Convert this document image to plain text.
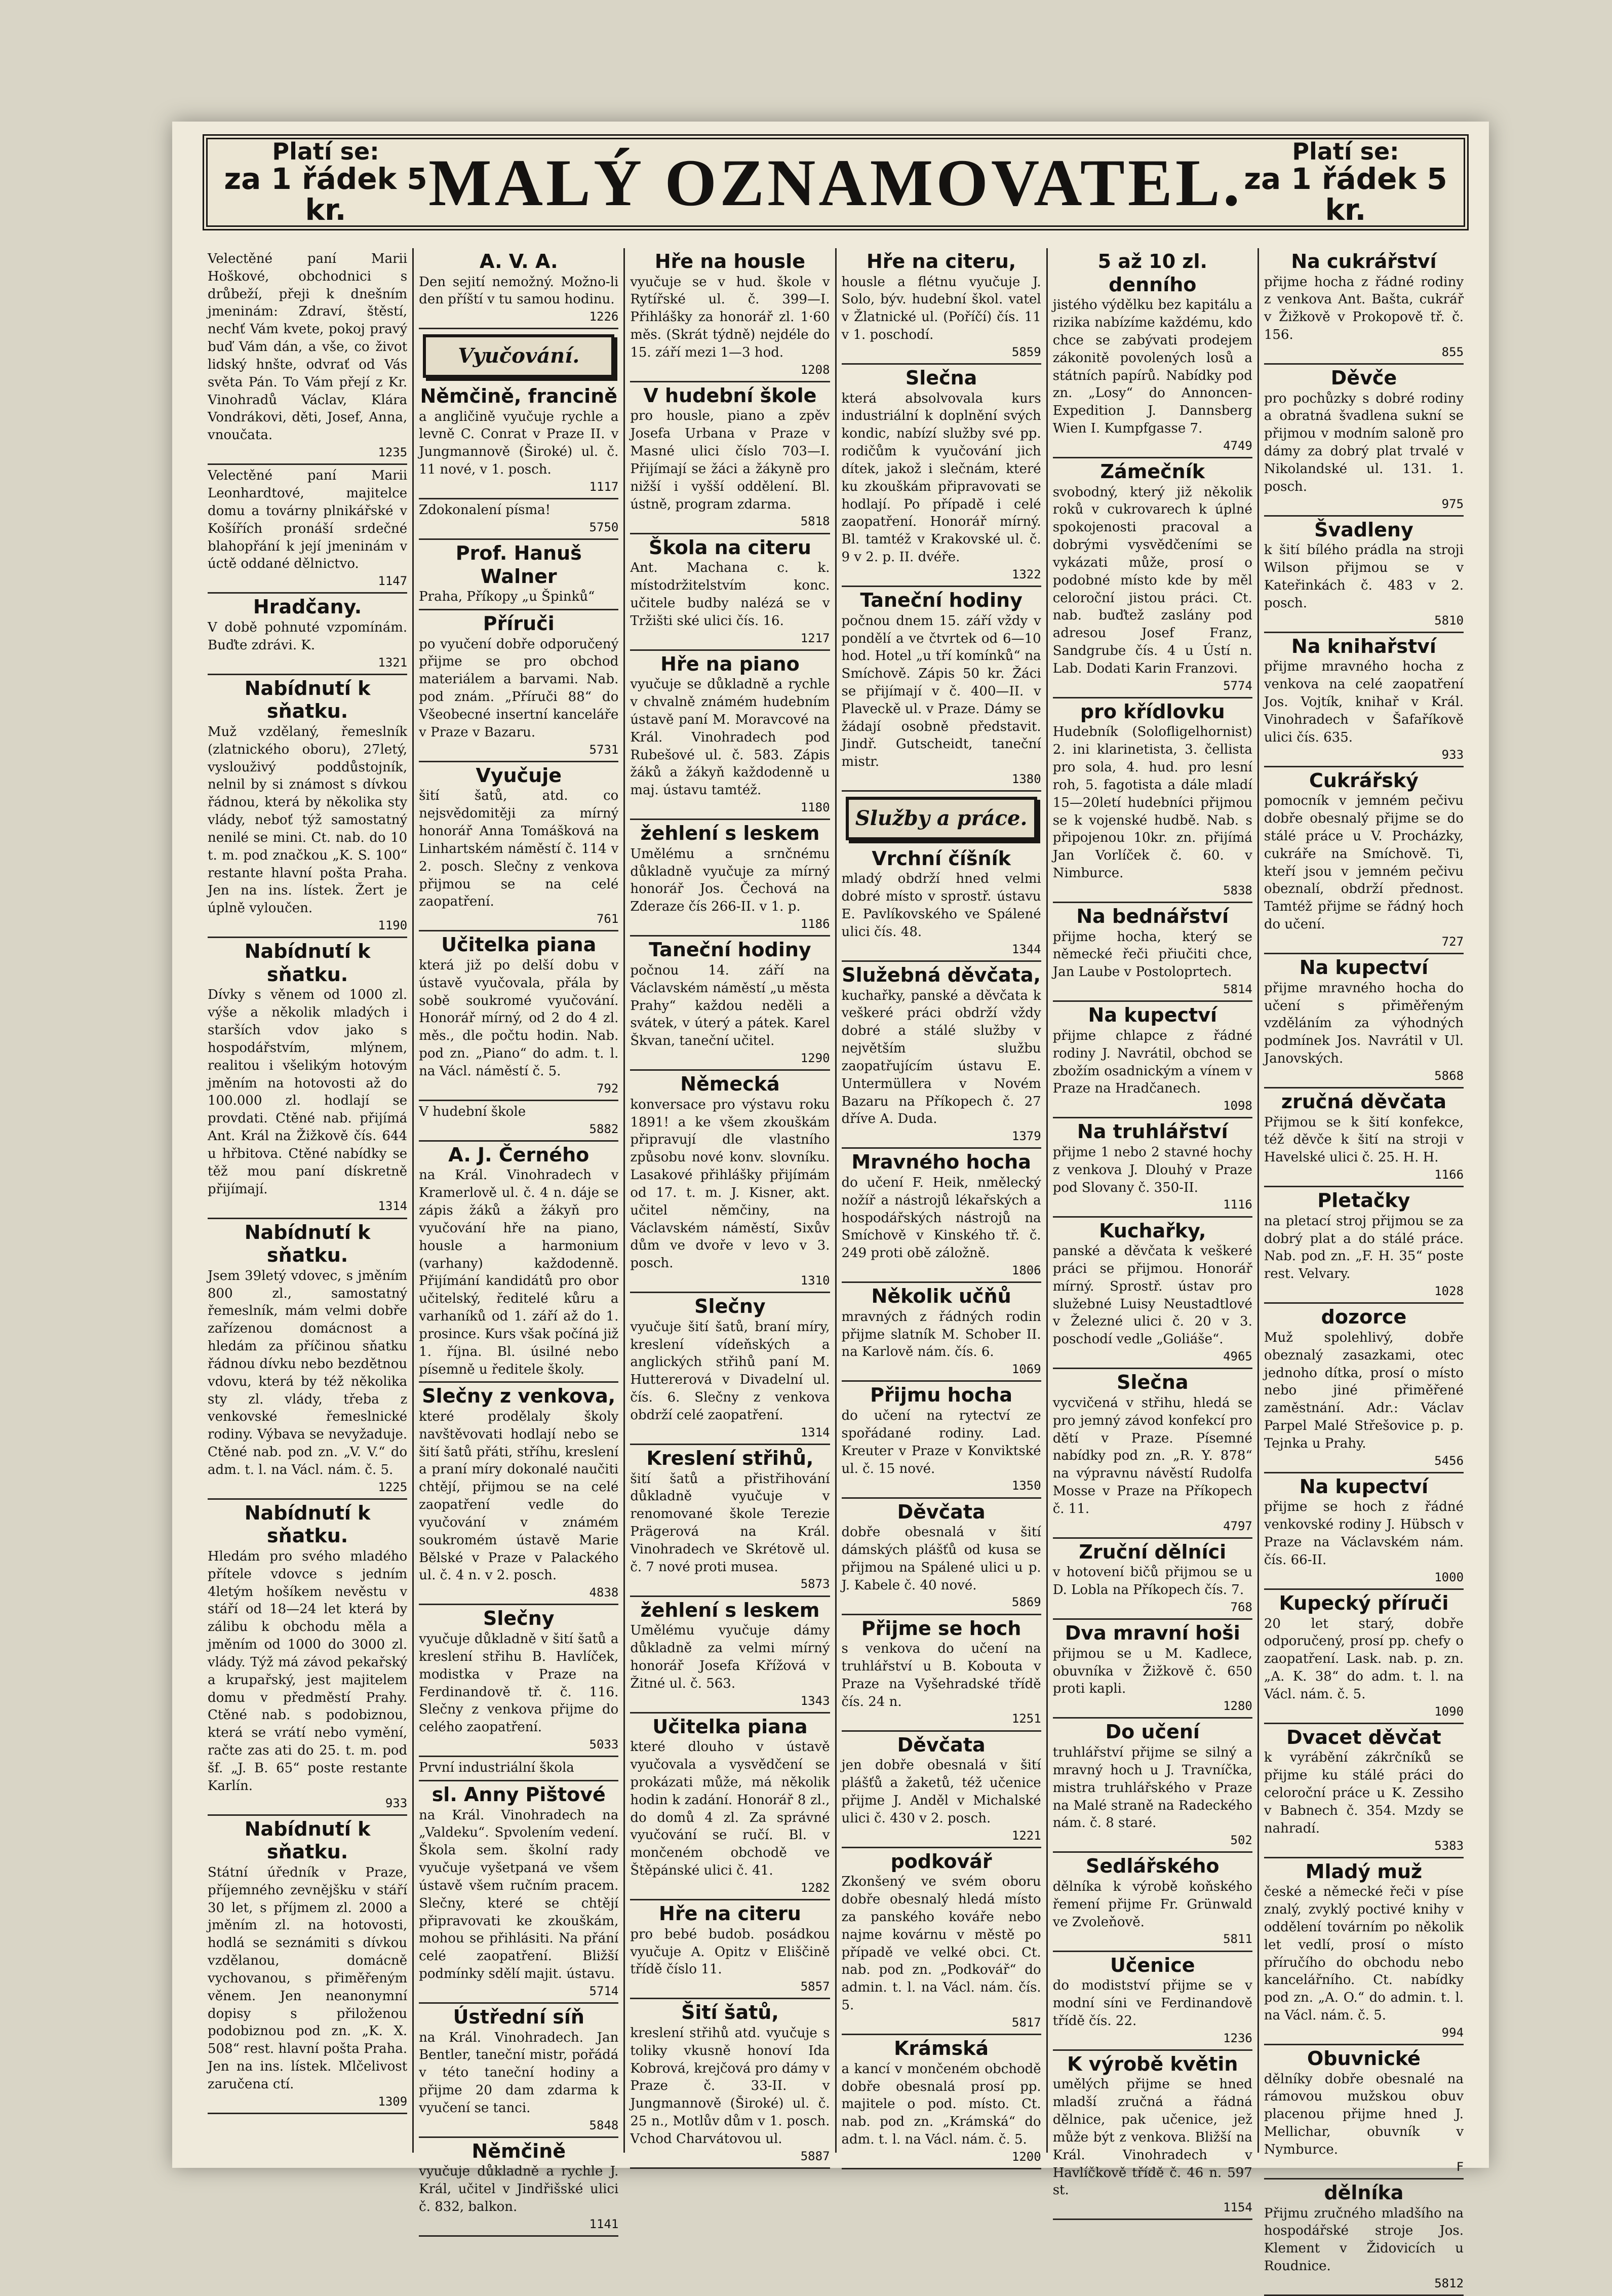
Platí se:
za 1 řádek 5 kr.	MALÝ OZNAMOVATEL.	Platí se:
za 1 řádek 5 kr.

Velectěné paní Marii Hoškové, obchodnici s drůbeží, přeji k dnešním jmeninám: Zdraví, štěstí, nechť Vám kvete, pokoj pravý buď Vám dán, a vše, co život lidský hnšte, odvrať od Vás světa Pán. To Vám přejí z Kr. Vinohradů Václav, Klára Vondrákovi, děti, Josef, Anna, vnoučata.

1235

Velectěné paní Marii Leonhardtové, majitelce domu a továrny plnikářské v Košířích pronáší srdečné blahopřání k její jmeninám v úctě oddané dělnictvo.

1147
Hradčany.

V době pohnuté vzpomínám. Buďte zdrávi. K.

1321
Nabídnutí k sňatku.

Muž vzdělaný, řemeslník (zlatnického oboru), 27letý, vyslouživý poddůstojník, nelnil by si známost s dívkou řádnou, která by několika sty vlády, neboť týž samostatný nenilé se mini. Ct. nab. do 10 t. m. pod značkou „K. S. 100“ restante hlavní pošta Praha. Jen na ins. lístek. Žert je úplně vyloučen.

1190
Nabídnutí k sňatku.

Dívky s věnem od 1000 zl. výše a několik mladých i starších vdov jako s hospodářstvím, mlýnem, realitou i všelikým hotovým jměním na hotovosti až do 100.000 zl. hodlají se provdati. Ctěné nab. přijímá Ant. Král na Žižkově čís. 644 u hřbitova. Ctěné nabídky se těž mou paní dískretně přijímají.

1314
Nabídnutí k sňatku.

Jsem 39letý vdovec, s jměním 800 zl., samostatný řemeslník, mám velmi dobře zařízenou domácnost a hledám za příčinou sňatku řádnou dívku nebo bezdětnou vdovu, která by též několika sty zl. vlády, třeba z venkovské řemeslnické rodiny. Výbava se nevyžaduje. Ctěné nab. pod zn. „V. V.“ do adm. t. l. na Václ. nám. č. 5.

1225
Nabídnutí k sňatku.

Hledám pro svého mladého přítele vdovce s jedním 4letým hošíkem nevěstu v stáří od 18—24 let která by zálibu k obchodu měla a jměním od 1000 do 3000 zl. vlády. Týž má závod pekařský a krupařský, jest majitelem domu v předměstí Prahy. Ctěné nab. s podobiznou, která se vrátí nebo vymění, račte zas ati do 25. t. m. pod šf. „J. B. 65“ poste restante Karlín.

933
Nabídnutí k sňatku.

Státní úředník v Praze, příjemného zevnějšku v stáří 30 let, s příjmem zl. 2000 a jměním zl. na hotovosti, hodlá se seznámiti s dívkou vzdělanou, domácně vychovanou, s přiměřeným věnem. Jen neanonymní dopisy s přiloženou podobiznou pod zn. „K. X. 508“ rest. hlavní pošta Praha. Jen na ins. lístek. Mlčelivost zaručena ctí.

1309
A. V. A.

Den sejití nemožný. Možno-li den příští v tu samou hodinu.

1226
Vyučování.
Němčině, francině

a angličině vyučuje rychle a levně C. Conrat v Praze II. v Jungmannově (Široké) ul. č. 11 nové, v 1. posch.

1117

Zdokonalení písma!

5750
Prof. Hanuš Walner

Praha, Příkopy „u Špinků“

Příruči

po vyučení dobře odporučený přijme se pro obchod materiálem a barvami. Nab. pod znám. „Příruči 88“ do Všeobecné insertní kanceláře v Praze v Bazaru.

5731
Vyučuje

šití šatů, atd. co nejsvědomitěji za mírný honorář Anna Tomášková na Linhartském náměstí č. 114 v 2. posch. Slečny z venkova přijmou se na celé zaopatření.

761
Učitelka piana

která již po delší dobu v ústavě vyučovala, přála by sobě soukromé vyučování. Honorář mírný, od 2 do 4 zl. měs., dle počtu hodin. Nab. pod zn. „Piano“ do adm. t. l. na Václ. náměstí č. 5.

792

V hudební škole

5882
A. J. Černého

na Král. Vinohradech v Kramerlově ul. č. 4 n. dáje se zápis žáků a žákyň pro vyučování hře na piano, housle a harmonium (varhany) každodenně. Přijímání kandidátů pro obor učitelský, ředitelé kůru a varhaníků od 1. září až do 1. prosince. Kurs však počíná již 1. října. Bl. úsilné nebo písemně u ředitele školy.

Slečny z venkova,

které prodělaly školy navštěvovati hodlají nebo se šití šatů přáti, stříhu, kreslení a praní míry dokonalé naučiti chtějí, přijmou se na celé zaopatření vedle do vyučování v známém soukromém ústavě Marie Bělské v Praze v Palackého ul. č. 4 n. v 2. posch.

4838
Slečny

vyučuje důkladně v šití šatů a kreslení střihu B. Havlíček, modistka v Praze na Ferdinandově tř. č. 116. Slečny z venkova přijme do celého zaopatření.

5033

První industriální škola

sl. Anny Pištové

na Král. Vinohradech na „Valdeku“. Spvolením vedení. Škola sem. školní rady vyučuje vyšetpaná ve všem ústavě všem ručním pracem. Slečny, které se chtějí připravovati ke zkouškám, mohou se přihlásiti. Na přání celé zaopatření. Bližší podmínky sdělí majit. ústavu.

5714
Ústřední síň

na Král. Vinohradech. Jan Bentler, taneční mistr, pořádá v této taneční hodiny a přijme 20 dam zdarma k vyučení se tanci.

5848
Němčině

vyučuje důkladně a rychle J. Král, učitel v Jindřišské ulici č. 832, balkon.

1141
Hře na housle

vyučuje se v hud. škole v Rytířské ul. č. 399—I. Přihlášky za honorář zl. 1·60 měs. (Skrát týdně) nejdéle do 15. září mezi 1—3 hod.

1208
V hudební škole

pro housle, piano a zpěv Josefa Urbana v Praze v Masné ulici číslo 703—I. Přijímají se žáci a žákyně pro nižší i vyšší oddělení. Bl. ústně, program zdarma.

5818
Škola na citeru

Ant. Machana c. k. místodržitelstvím konc. učitele budby nalézá se v Tržišti ské ulici čís. 16.

1217
Hře na piano

vyučuje se důkladně a rychle v chvalně známém hudebním ústavě paní M. Moravcové na Král. Vinohradech pod Rubešové ul. č. 583. Zápis žáků a žákyň každodenně u maj. ústavu tamtéž.

1180
žehlení s leskem

Umělému a srnčnému důkladně vyučuje za mírný honorář Jos. Čechová na Zderaze čís 266-II. v 1. p.

1186
Taneční hodiny

počnou 14. září na Václavském náměstí „u města Prahy“ každou neděli a svátek, v úterý a pátek. Karel Škvan, taneční učitel.

1290
Německá

konversace pro výstavu roku 1891! a ke všem zkouškám připravují dle vlastního způsobu nové konv. slovníku. Lasakové přihlášky přijímám od 17. t. m. J. Kisner, akt. učitel němčiny, na Václavském náměstí, Sixův dům ve dvoře v levo v 3. posch.

1310
Slečny

vyučuje šití šatů, braní míry, kreslení vídeňských a anglických střihů paní M. Huttererová v Divadelní ul. čís. 6. Slečny z venkova obdrží celé zaopatření.

1314
Kreslení střihů,

šití šatů a přistřihování důkladně vyučuje v renomované škole Terezie Prägerová na Král. Vinohradech ve Skrétově ul. č. 7 nové proti musea.

5873
žehlení s leskem

Umělému vyučuje dámy důkladně za velmi mírný honorář Josefa Křížová v Žitné ul. č. 563.

1343
Učitelka piana

které dlouho v ústavě vyučovala a vysvědčení se prokázati může, má několik hodin k zadání. Honorář 8 zl., do domů 4 zl. Za správné vyučování se ručí. Bl. v mončeném obchodě ve Štěpánské ulici č. 41.

1282
Hře na citeru

pro bebé budob. posádkou vyučuje A. Opitz v Eliščině třídě číslo 11.

5857
Šití šatů,

kreslení střihů atd. vyučuje s toliky vkusně honoví Ida Kobrová, krejčová pro dámy v Praze č. 33-II. v Jungmannově (Široké) ul. č. 25 n., Motlův dům v 1. posch. Vchod Charvátovou ul.

5887
Hře na citeru,

housle a flétnu vyučuje J. Solo, býv. hudební škol. vatel v Žlatnické ul. (Poříčí) čís. 11 v 1. poschodí.

5859
Slečna

která absolvovala kurs industriální k doplnění svých kondic, nabízí služby své pp. rodičům k vyučování jich dítek, jakož i slečnám, které ku zkouškám připravovati se hodlají. Po případě i celé zaopatření. Honorář mírný. Bl. tamtéž v Krakovské ul. č. 9 v 2. p. II. dvéře.

1322
Taneční hodiny

počnou dnem 15. září vždy v pondělí a ve čtvrtek od 6—10 hod. Hotel „u tří komínků“ na Smíchově. Zápis 50 kr. Žáci se přijímají v č. 400—II. v Plaveckě ul. v Praze. Dámy se žádají osobně představit. Jindř. Gutscheidt, taneční mistr.

1380
Služby a práce.
Vrchní číšník

mladý obdrží hned velmi dobré místo v sprostř. ústavu E. Pavlíkovského ve Spálené ulici čís. 48.

1344
Služebná děvčata,

kuchařky, panské a děvčata k veškeré práci obdrží vždy dobré a stálé služby v největším službu zaopatřujícím ústavu E. Untermüllera v Novém Bazaru na Příkopech č. 27 dříve A. Duda.

1379
Mravného hocha

do učení F. Heik, nmělecký nožíř a nástrojů lékařských a hospodářských nástrojů na Smíchově v Kinského tř. č. 249 proti obě záložně.

1806
Několik učňů

mravných z řádných rodin přijme slatník M. Schober II. na Karlově nám. čís. 6.

1069
Přijmu hocha

do učení na rytectví ze spořádané rodiny. Lad. Kreuter v Praze v Konviktské ul. č. 15 nové.

1350
Děvčata

dobře obesnalá v šití dámských plášťů od kusa se přijmou na Spálené ulici u p. J. Kabele č. 40 nové.

5869
Přijme se hoch

s venkova do učení na truhlářství u B. Kobouta v Praze na Vyšehradské třídě čís. 24 n.

1251
Děvčata

jen dobře obesnalá v šití plášťů a žaketů, též učenice přijme J. Anděl v Michalské ulici č. 430 v 2. posch.

1221
podkovář

Zkonšený ve svém oboru dobře obesnalý hledá místo za panského kováře nebo najme kovárnu v městě po případě ve velké obci. Ct. nab. pod zn. „Podkovář“ do admin. t. l. na Václ. nám. čís. 5.

5817
Krámská

a kancí v mončeném obchodě dobře obesnalá prosí pp. majitele o pod. místo. Ct. nab. pod zn. „Krámská“ do adm. t. l. na Václ. nám. č. 5.

1200
5 až 10 zl. denního

jistého výdělku bez kapitálu a rizika nabízíme každému, kdo chce se zabývati prodejem zákonitě povolených losů a státních papírů. Nabídky pod zn. „Losy“ do Annoncen-Expedition J. Dannsberg Wien I. Kumpfgasse 7.

4749
Zámečník

svobodný, který již několik roků v cukrovarech k úplné spokojenosti pracoval a dobrými vysvědčeními se vykázati může, prosí o podobné místo kde by měl celoroční jistou práci. Ct. nab. buďtež zaslány pod adresou Josef Franz, Sandgrube čís. 4 u Ústí n. Lab. Dodati Karin Franzovi.

5774
pro křídlovku

Hudebník (Solofligelhornist) 2. ini klarinetista, 3. čellista pro sola, 4. hud. pro lesní roh, 5. fagotista a dále mladí 15—20letí hudebníci přijmou se k vojenské hudbě. Nab. s připojenou 10kr. zn. přijímá Jan Vorlíček č. 60. v Nimburce.

5838
Na bednářství

přijme hocha, který se německé řeči přiučiti chce, Jan Laube v Postoloprtech.

5814
Na kupectví

přijme chlapce z řádné rodiny J. Navrátil, obchod se zbožím osadnickým a vínem v Praze na Hradčanech.

1098
Na truhlářství

přijme 1 nebo 2 stavné hochy z venkova J. Dlouhý v Praze pod Slovany č. 350-II.

1116
Kuchařky,

panské a děvčata k veškeré práci se přijmou. Honorář mírný. Sprostř. ústav pro služebné Luisy Neustadtlové v Železné ulici č. 20 v 3. poschodí vedle „Goliáše“.

4965
Slečna

vycvičená v střihu, hledá se pro jemný závod konfekcí pro dětí v Praze. Písemné nabídky pod zn. „R. Y. 878“ na výpravnu návěstí Rudolfa Mosse v Praze na Příkopech č. 11.

4797
Zruční dělníci

v hotovení bičů přijmou se u D. Lobla na Příkopech čís. 7.

768
Dva mravní hoši

přijmou se u M. Kadlece, obuvníka v Žižkově č. 650 proti kapli.

1280
Do učení

truhlářství přijme se silný a mravný hoch u J. Travníčka, mistra truhlářského v Praze na Malé straně na Radeckého nám. č. 8 staré.

502
Sedlářského

dělníka k výrobě koňského řemení přijme Fr. Grünwald ve Zvoleňově.

5811
Učenice

do modistství přijme se v modní síni ve Ferdinandově třídě čís. 22.

1236
K výrobě květin

umělých přijme se hned mladší zručná a řádná dělnice, pak učenice, jež může být z venkova. Bližší na Král. Vinohradech v Havlíčkově třídě č. 46 n. 597 st.

1154
Na cukrářství

přijme hocha z řádné rodiny z venkova Ant. Bašta, cukrář v Žižkově v Prokopově tř. č. 156.

855
Děvče

pro pochůzky s dobré rodiny a obratná švadlena sukní se přijmou v modním saloně pro dámy za dobrý plat trvalé v Nikolandské ul. 131. 1. posch.

975
Švadleny

k šití bílého prádla na stroji Wilson přijmou se v Kateřinkách č. 483 v 2. posch.

5810
Na knihařství

přijme mravného hocha z venkova na celé zaopatření Jos. Vojtík, knihař v Král. Vinohradech v Šafaříkově ulici čís. 635.

933
Cukrářský

pomocník v jemném pečivu dobře obesnalý přijme se do stálé práce u V. Procházky, cukráře na Smíchově. Ti, kteří jsou v jemném pečivu obeznalí, obdrží přednost. Tamtéž přijme se řádný hoch do učení.

727
Na kupectví

přijme mravného hocha do učení s přiměřeným vzděláním za výhodných podmínek Jos. Navrátil v Ul. Janovských.

5868
zručná děvčata

Přijmou se k šití konfekce, též děvče k šití na stroji v Havelské ulici č. 25. H. H.

1166
Pletačky

na pletací stroj přijmou se za dobrý plat a do stálé práce. Nab. pod zn. „F. H. 35“ poste rest. Velvary.

1028
dozorce

Muž spolehlivý, dobře obeznalý zasazkami, otec jednoho dítka, prosí o místo nebo jiné přiměřené zaměstnání. Adr.: Václav Parpel Malé Střešovice p. p. Tejnka u Prahy.

5456
Na kupectví

přijme se hoch z řádné venkovské rodiny J. Hübsch v Praze na Václavském nám. čís. 66-II.

1000
Kupecký příruči

20 let starý, dobře odporučený, prosí pp. chefy o zaopatření. Lask. nab. p. zn. „A. K. 38“ do adm. t. l. na Václ. nám. č. 5.

1090
Dvacet děvčat

k vyrábění zákrčníků se přijme ku stálé práci do celoroční práce u K. Zessiho v Babnech č. 354. Mzdy se nahradí.

5383
Mladý muž

české a německé řeči v píse znalý, zvyklý poctivé knihy v oddělení továrním po několik let vedlí, prosí o místo příručího do obchodu nebo kancelářního. Ct. nabídky pod zn. „A. O.“ do admin. t. l. na Václ. nám. č. 5.

994
Obuvnické

dělníky dobře obesnalé na rámovou mužskou obuv placenou přijme hned J. Mellichar, obuvník v Nymburce.

F
dělníka

Přijmu zručného mladšího na hospodářské stroje Jos. Klement v Židovicích u Roudnice.

5812
